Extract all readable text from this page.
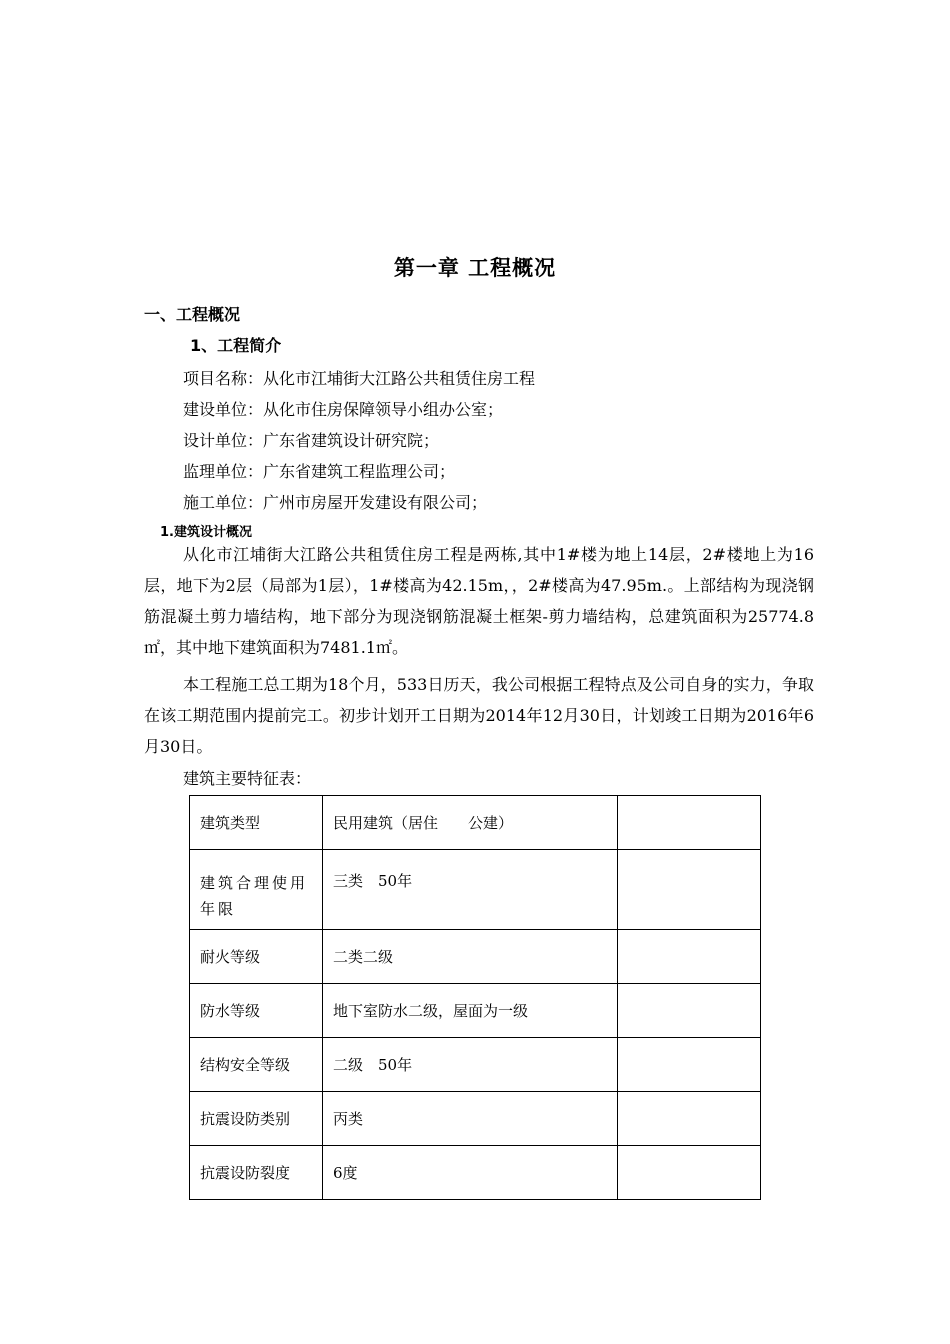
第一章 工程概况
一、工程概况
1、工程简介
项目名称：从化市江埔街大江路公共租赁住房工程
建设单位：从化市住房保障领导小组办公室；
设计单位：广东省建筑设计研究院；
监理单位：广东省建筑工程监理公司；
施工单位：广州市房屋开发建设有限公司；
1.建筑设计概况
从化市江埔街大江路公共租赁住房工程是两栋,其中1#楼为地上14层，2#楼地上为16层，地下为2层（局部为1层），1#楼高为42.15m，，2#楼高为47.95m.。上部结构为现浇钢筋混凝土剪力墙结构，地下部分为现浇钢筋混凝土框架-剪力墙结构，总建筑面积为25774.8㎡，其中地下建筑面积为7481.1㎡。
本工程施工总工期为18个月，533日历天，我公司根据工程特点及公司自身的实力，争取在该工期范围内提前完工。初步计划开工日期为2014年12月30日，计划竣工日期为2016年6月30日。
建筑主要特征表：
建筑类型	民用建筑（居住　　公建）	

建筑合理使用年限	三类　50年	
耐火等级	二类二级	
防水等级	地下室防水二级，屋面为一级	
结构安全等级	二级　50年	
抗震设防类别	丙类	
抗震设防裂度	6度	
